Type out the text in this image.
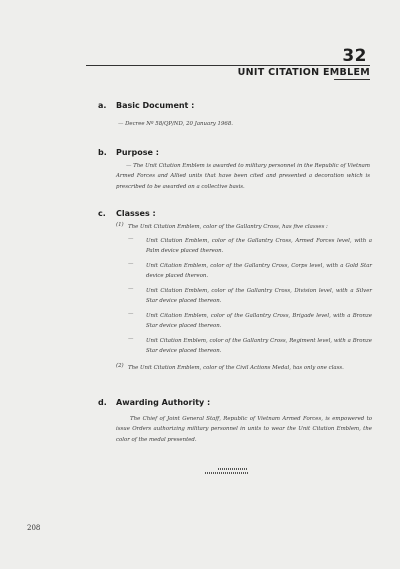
32
UNIT CITATION EMBLEM
a. Basic Document :
— Decree Nº 58/QP/ND, 20 January 1968.
b. Purpose :
— The Unit Citation Emblem is awarded to military personnel in the Republic of Vietnam Armed Forces and Allied units that have been cited and presented a decoration which is prescribed to be awarded on a collective basis.
c. Classes :
(1) The Unit Citation Emblem, color of the Gallantry Cross, has five classes :
— Unit Citation Emblem, color of the Gallantry Cross, Armed Forces level, with a Palm device placed thereon.
— Unit Citation Emblem, color of the Gallantry Cross, Corps level, with a Gold Star device placed thereon.
— Unit Citation Emblem, color of the Gallantry Cross, Division level, with a Silver Star device placed thereon.
— Unit Citation Emblem, color of the Gallantry Cross, Brigade level, with a Bronze Star device placed thereon.
— Unit Citation Emblem, color of the Gallantry Cross, Regiment level, with a Bronze Star device placed thereon.
(2) The Unit Citation Emblem, color of the Civil Actions Medal, has only one class.
d. Awarding Authority :
The Chief of Joint General Staff, Republic of Vietnam Armed Forces, is empowered to issue Orders authorizing military personnel in units to wear the Unit Citation Emblem, the color of the medal presented.
208
